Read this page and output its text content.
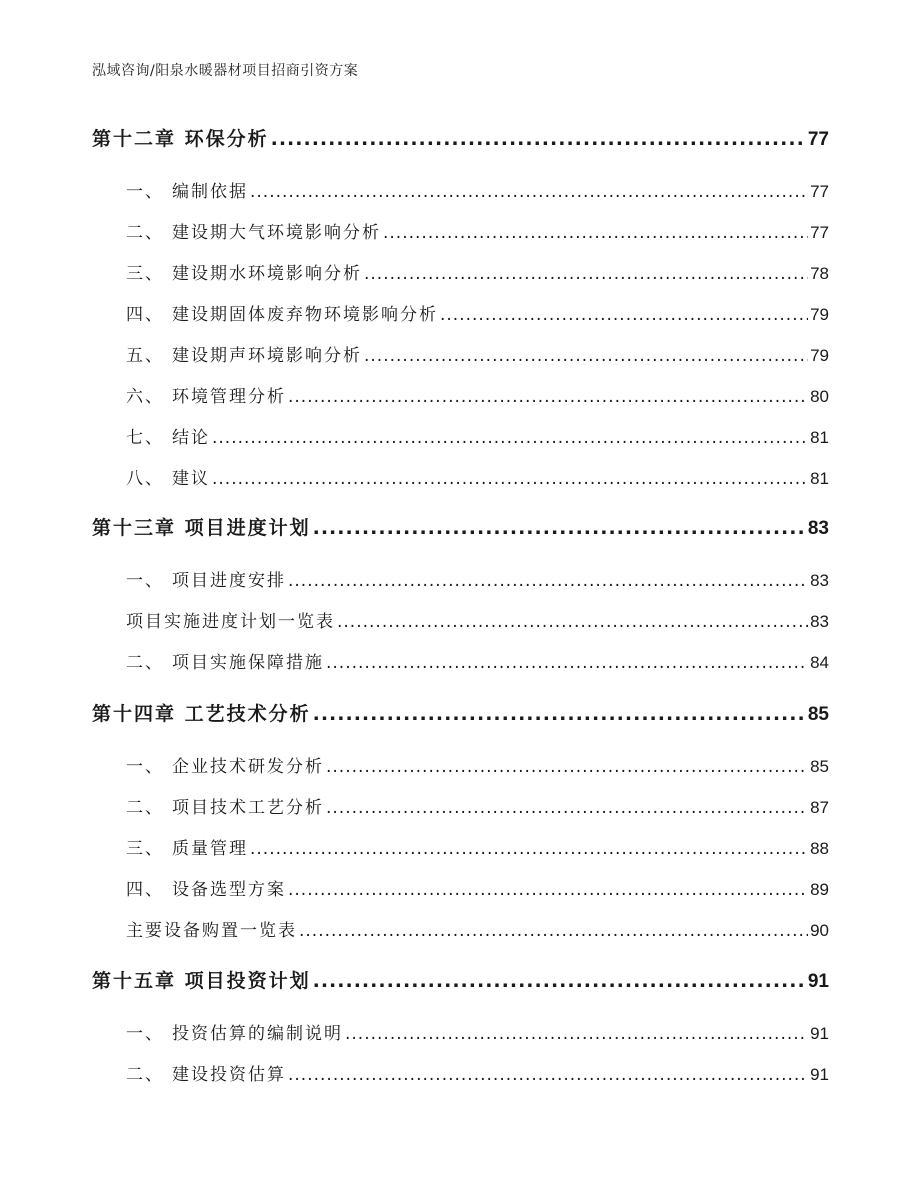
泓域咨询/阳泉水暖器材项目招商引资方案
第十二章 环保分析 .....	77
一、 编制依据 .....	77
二、 建设期大气环境影响分析 .....	77
三、 建设期水环境影响分析 .....	78
四、 建设期固体废弃物环境影响分析 .....	79
五、 建设期声环境影响分析 .....	79
六、 环境管理分析 .....	80
七、 结论 .....	81
八、 建议 .....	81
第十三章 项目进度计划 .....	83
一、 项目进度安排 .....	83
项目实施进度计划一览表 .....	83
二、 项目实施保障措施 .....	84
第十四章 工艺技术分析 .....	85
一、 企业技术研发分析 .....	85
二、 项目技术工艺分析 .....	87
三、 质量管理 .....	88
四、 设备选型方案 .....	89
主要设备购置一览表 .....	90
第十五章 项目投资计划 .....	91
一、 投资估算的编制说明 .....	91
二、 建设投资估算 .....	91
